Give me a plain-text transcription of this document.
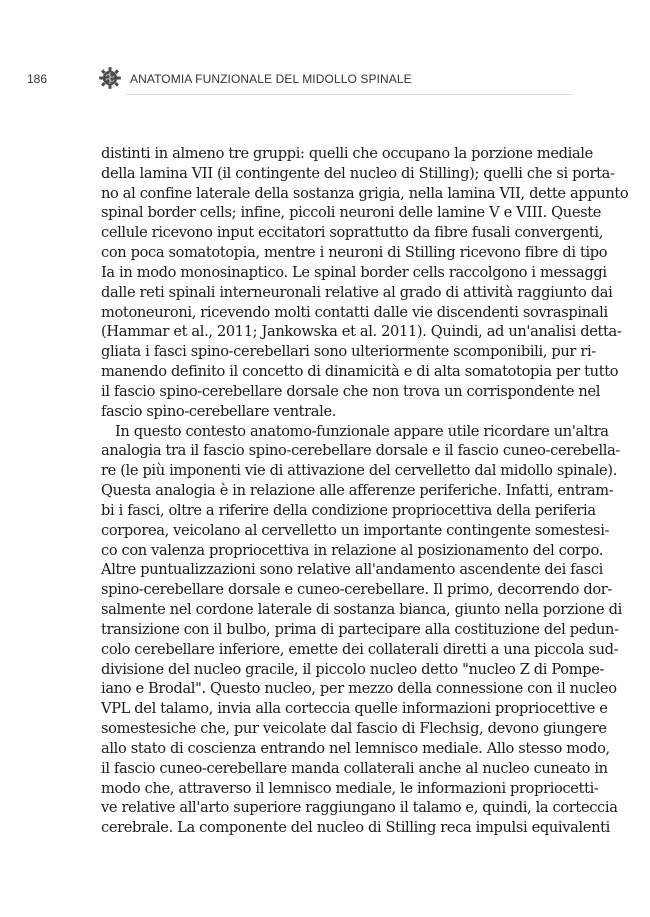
186	ANATOMIA FUNZIONALE DEL MIDOLLO SPINALE
distinti in almeno tre gruppi: quelli che occupano la porzione mediale
della lamina VII (il contingente del nucleo di Stilling); quelli che si porta-
no al confine laterale della sostanza grigia, nella lamina VII, dette appunto
spinal border cells; infine, piccoli neuroni delle lamine V e VIII. Queste
cellule ricevono input eccitatori soprattutto da fibre fusali convergenti,
con poca somatotopia, mentre i neuroni di Stilling ricevono fibre di tipo
Ia in modo monosinaptico. Le spinal border cells raccolgono i messaggi
dalle reti spinali interneuronali relative al grado di attività raggiunto dai
motoneuroni, ricevendo molti contatti dalle vie discendenti sovraspinali
(Hammar et al., 2011; Jankowska et al. 2011). Quindi, ad un'analisi detta-
gliata i fasci spino-cerebellari sono ulteriormente scomponibili, pur ri-
manendo definito il concetto di dinamicità e di alta somatotopia per tutto
il fascio spino-cerebellare dorsale che non trova un corrispondente nel
fascio spino-cerebellare ventrale.
In questo contesto anatomo-funzionale appare utile ricordare un'altra
analogia tra il fascio spino-cerebellare dorsale e il fascio cuneo-cerebella-
re (le più imponenti vie di attivazione del cervelletto dal midollo spinale).
Questa analogia è in relazione alle afferenze periferiche. Infatti, entram-
bi i fasci, oltre a riferire della condizione propriocettiva della periferia
corporea, veicolano al cervelletto un importante contingente somestesi-
co con valenza propriocettiva in relazione al posizionamento del corpo.
Altre puntualizzazioni sono relative all'andamento ascendente dei fasci
spino-cerebellare dorsale e cuneo-cerebellare. Il primo, decorrendo dor-
salmente nel cordone laterale di sostanza bianca, giunto nella porzione di
transizione con il bulbo, prima di partecipare alla costituzione del pedun-
colo cerebellare inferiore, emette dei collaterali diretti a una piccola sud-
divisione del nucleo gracile, il piccolo nucleo detto "nucleo Z di Pompe-
iano e Brodal". Questo nucleo, per mezzo della connessione con il nucleo
VPL del talamo, invia alla corteccia quelle informazioni propriocettive e
somestesiche che, pur veicolate dal fascio di Flechsig, devono giungere
allo stato di coscienza entrando nel lemnisco mediale. Allo stesso modo,
il fascio cuneo-cerebellare manda collaterali anche al nucleo cuneato in
modo che, attraverso il lemnisco mediale, le informazioni propriocetti-
ve relative all'arto superiore raggiungano il talamo e, quindi, la corteccia
cerebrale. La componente del nucleo di Stilling reca impulsi equivalenti
